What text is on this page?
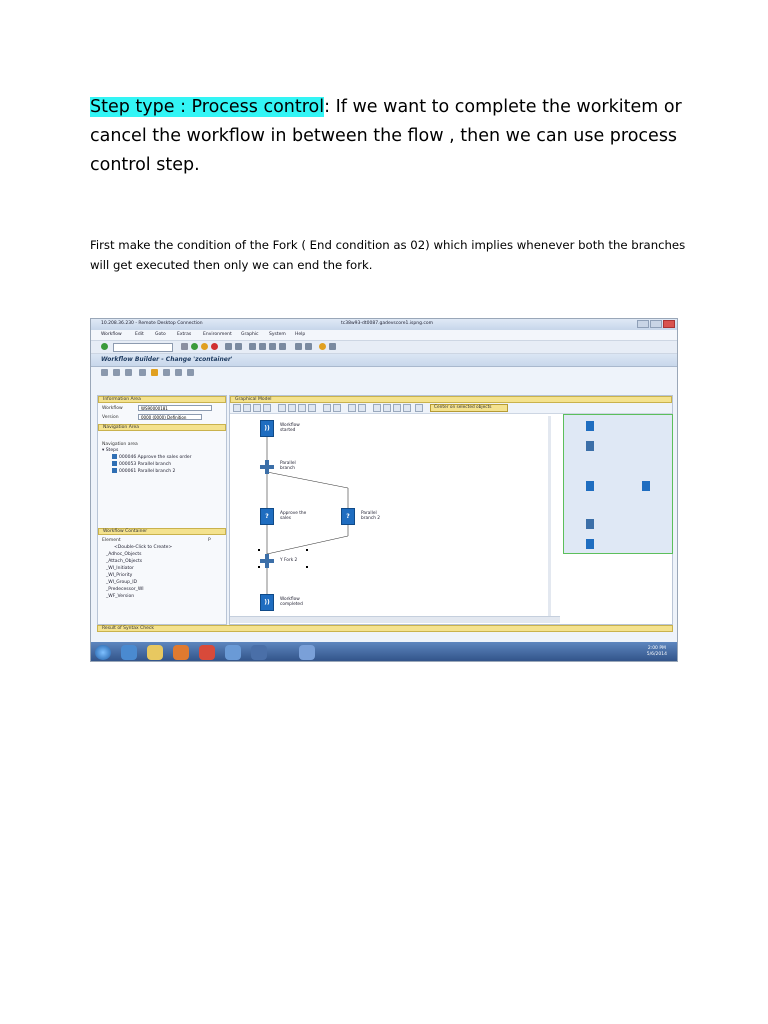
Step type : Process control: If we want to complete the workitem or cancel the workflow in between the flow , then we can use process control step.
First make the condition of the Fork ( End condition as 02) which implies whenever both the branches will get executed then only we can end the fork.
10.208.36.230 - Remote Desktop Connection	tc38w93-dt0087.gadevscore1.ispng.com
Workflow	Edit	Goto Extras	Environment Graphic System Help
Workflow Builder - Change 'zcontainer'
Information Area
Workflow	WS90000181
Version	0000 (0000) Definition
Navigation Area
Navigation area
▾ Steps
000046 Approve the sales order
000053 Parallel branch
000061 Parallel branch 2
Workflow Container
Element	P
<Double-Click to Create>
_Adhoc_Objects
_Attach_Objects
_WI_Initiator
_WI_Priority
_WI_Group_ID
_Predecessor_WI
_WF_Version
Graphical Model
Center on selected objects
))	Workflow started
Parallel branch
?	Approve the sales	?	Parallel branch 2
Y Fork 2
))	Workflow completed
Result of Syntax Check
2:00 PM
5/6/2014
